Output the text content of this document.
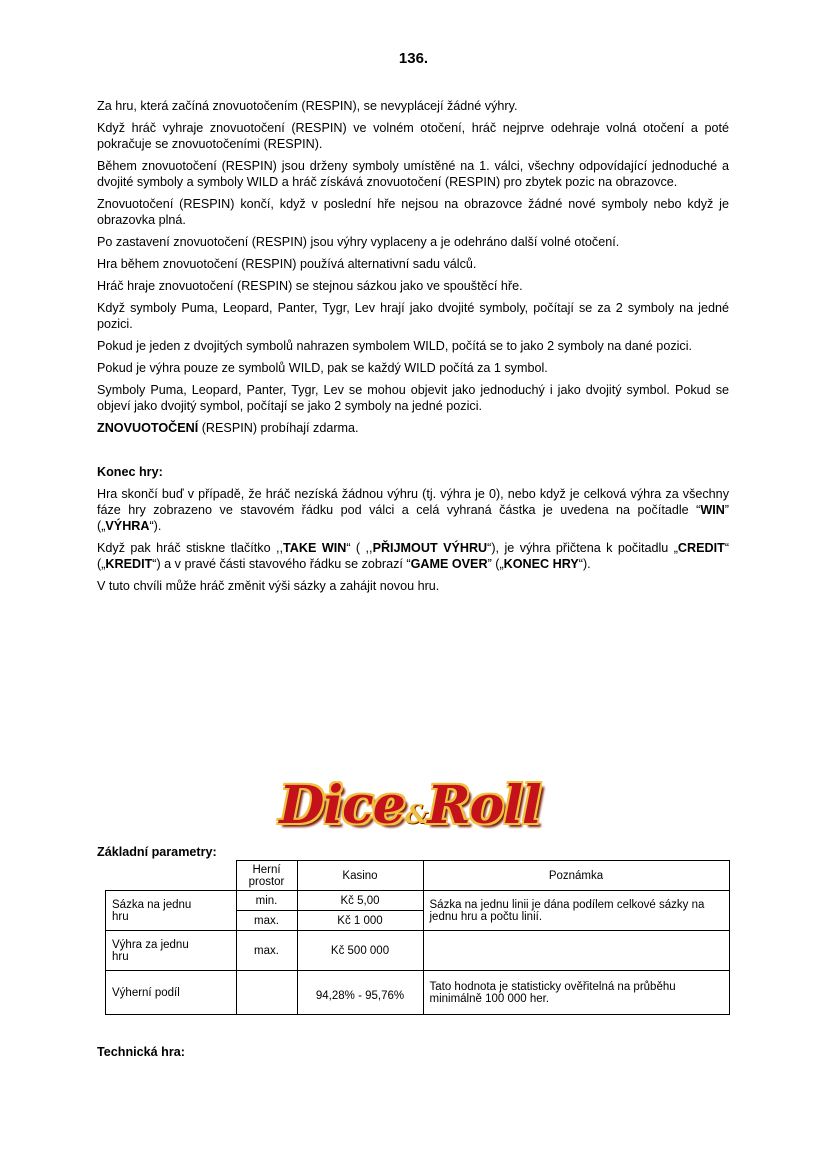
136.

Za hru, která začíná znovuotočením (RESPIN), se nevyplácejí žádné výhry.

Když hráč vyhraje znovuotočení (RESPIN) ve volném otočení, hráč nejprve odehraje volná otočení a poté pokračuje se znovuotočeními (RESPIN).

Během znovuotočení (RESPIN) jsou drženy symboly umístěné na 1. válci, všechny odpovídající jednoduché a dvojité symboly a symboly WILD a hráč získává znovuotočení (RESPIN) pro zbytek pozic na obrazovce.

Znovuotočení (RESPIN) končí, když v poslední hře nejsou na obrazovce žádné nové symboly nebo když je obrazovka plná.

Po zastavení znovuotočení (RESPIN) jsou výhry vyplaceny a je odehráno další volné otočení.

Hra během znovuotočení (RESPIN) používá alternativní sadu válců.

Hráč hraje znovuotočení (RESPIN) se stejnou sázkou jako ve spouštěcí hře.

Když symboly Puma, Leopard, Panter, Tygr, Lev hrají jako dvojité symboly, počítají se za 2 symboly na jedné pozici.

Pokud je jeden z dvojitých symbolů nahrazen symbolem WILD, počítá se to jako 2 symboly na dané pozici.

Pokud je výhra pouze ze symbolů WILD, pak se každý WILD počítá za 1 symbol.

Symboly Puma, Leopard, Panter, Tygr, Lev se mohou objevit jako jednoduchý i jako dvojitý symbol. Pokud se objeví jako dvojitý symbol, počítají se jako 2 symboly na jedné pozici.

ZNOVUOTOČENÍ (RESPIN) probíhají zdarma.

Konec hry:

Hra skončí buď v případě, že hráč nezíská žádnou výhru (tj. výhra je 0), nebo když je celková výhra za všechny fáze hry zobrazeno ve stavovém řádku pod válci a celá vyhraná částka je uvedena na počítadle “WIN” („VÝHRA“).

Když pak hráč stiskne tlačítko ,,TAKE WIN“ ( ,,PŘIJMOUT VÝHRU“), je výhra přičtena k počitadlu „CREDIT“ („KREDIT“) a v pravé části stavového řádku se zobrazí “GAME OVER” („KONEC HRY“).

V tuto chvíli může hráč změnit výši sázky a zahájit novou hru.

Dice&Roll
Základní parametry:
	Herní prostor	Kasino	Poznámka
Sázka na jednu hru	min.	Kč 5,00	Sázka na jednu linii je dána podílem celkové sázky na jednu hru a počtu linií.
	max.	Kč 1 000	
Výhra za jednu hru	max.	Kč 500 000	
Výherní podíl		94,28% - 95,76%	Tato hodnota je statisticky ověřitelná na průběhu minimálně 100 000 her.
Technická hra:
